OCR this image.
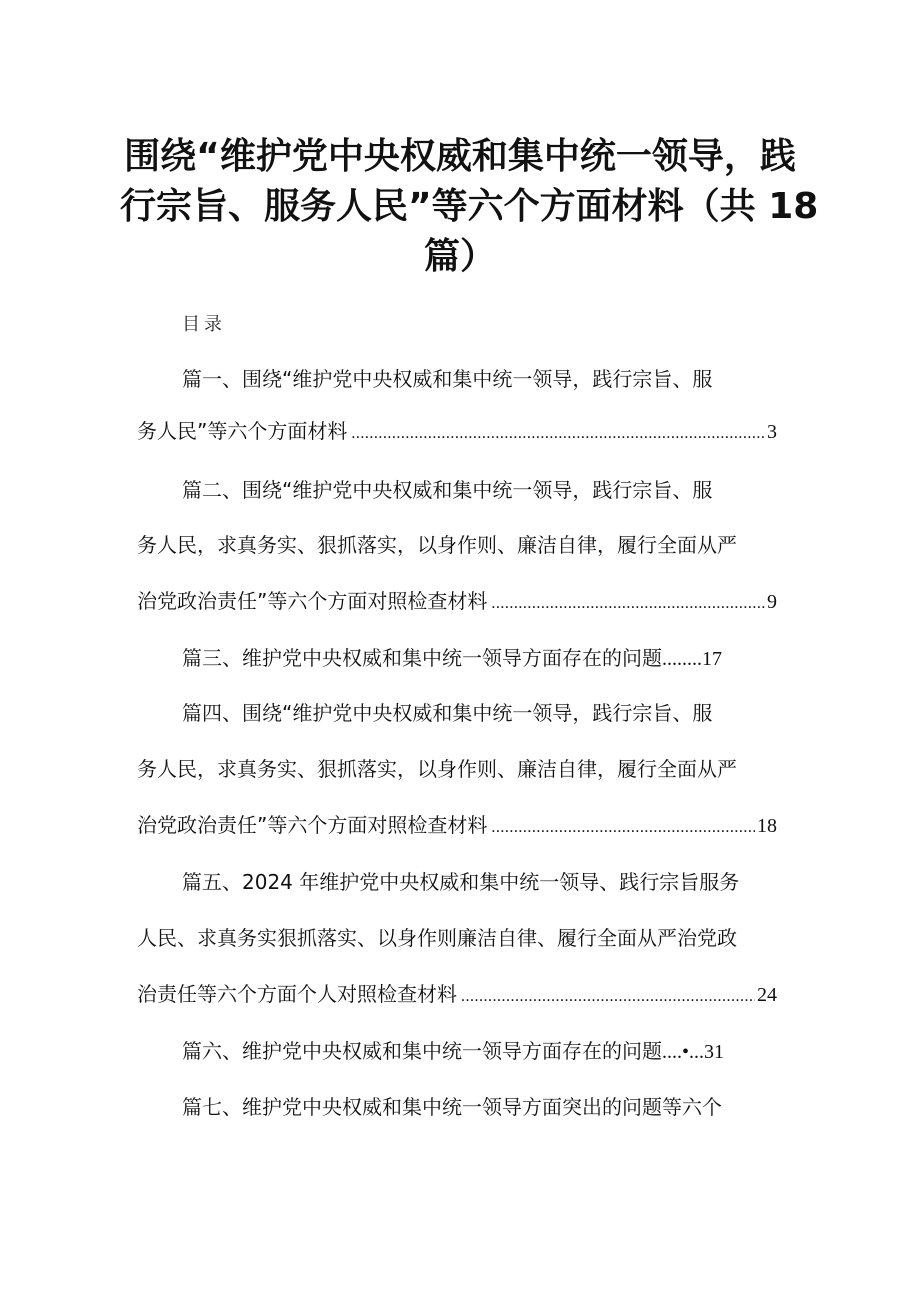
围绕“维护党中央权威和集中统一领导，践
行宗旨、服务人民”等六个方面材料（共 18
篇）
目录
篇一、围绕“维护党中央权威和集中统一领导，践行宗旨、服
务人民”等六个方面材料 .....	3
篇二、围绕“维护党中央权威和集中统一领导，践行宗旨、服
务人民，求真务实、狠抓落实，以身作则、廉洁自律，履行全面从严
治党政治责任”等六个方面对照检查材料 .....	9
篇三、维护党中央权威和集中统一领导方面存在的问题........17
篇四、围绕“维护党中央权威和集中统一领导，践行宗旨、服
务人民，求真务实、狠抓落实，以身作则、廉洁自律，履行全面从严
治党政治责任”等六个方面对照检查材料 .....	18
篇五、2024 年维护党中央权威和集中统一领导、践行宗旨服务
人民、求真务实狠抓落实、以身作则廉洁自律、履行全面从严治党政
治责任等六个方面个人对照检查材料 .....	24
篇六、维护党中央权威和集中统一领导方面存在的问题....•...31
篇七、维护党中央权威和集中统一领导方面突出的问题等六个
